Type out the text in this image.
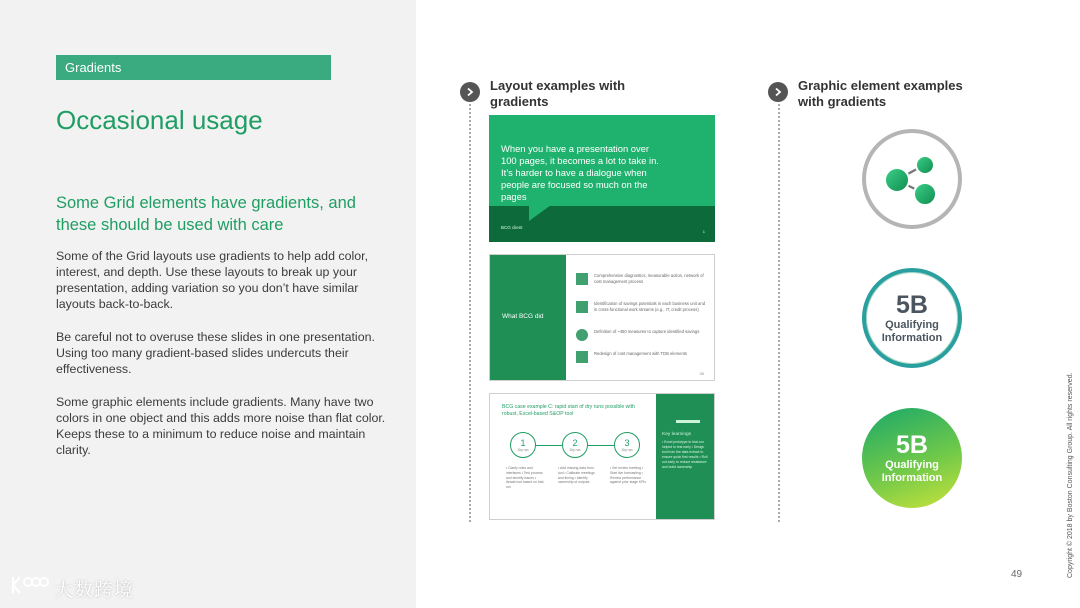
Gradients
Occasional usage
Some Grid elements have gradients, and these should be used with care

Some of the Grid layouts use gradients to help add color, interest, and depth. Use these layouts to break up your presentation, adding variation so you don’t have similar layouts back-to-back.

Be careful not to overuse these slides in one presentation. Using too many gradient-based slides undercuts their effectiveness.

Some graphic elements include gradients. Many have two colors in one object and this adds more noise than flat color. Keeps these to a minimum to reduce noise and maintain clarity.

大数跨境
Layout examples with gradients
Graphic element examples with gradients
When you have a presentation over 100 pages, it becomes a lot to take in. It’s harder to have a dialogue when people are focused so much on the pages
BCG client
1
What BCG did
Comprehensive diagnostics, measurable action, network of cost management process
Identification of savings potentials in each business unit and in cross-functional work streams (e.g., IT, credit process)
Definition of ~450 measures to capture identified savings
Redesign of cost management with TDB elements
30
BCG case example C: rapid start of dry runs possible with robust, Excel-based S&OP tool
1
Dry run
2
Dry run
3
Dry run
• Clarify roles and interfaces • Test process and identify issues • Iterate tool based on trial-run
• Add missing data from tool • Calibrate meetings and timing • Identify ownership of outputs
• Set review meeting • Start live forecasting • Review performance against prior stage KPIs
Key learnings
• Excel prototype to trial-run helped to test early • Design tool from the data extract to ensure quick first results • Roll out early to reduce resistance and build ownership
5B
Qualifying Information
5B
Qualifying Information
49	Copyright © 2018 by Boston Consulting Group. All rights reserved.
